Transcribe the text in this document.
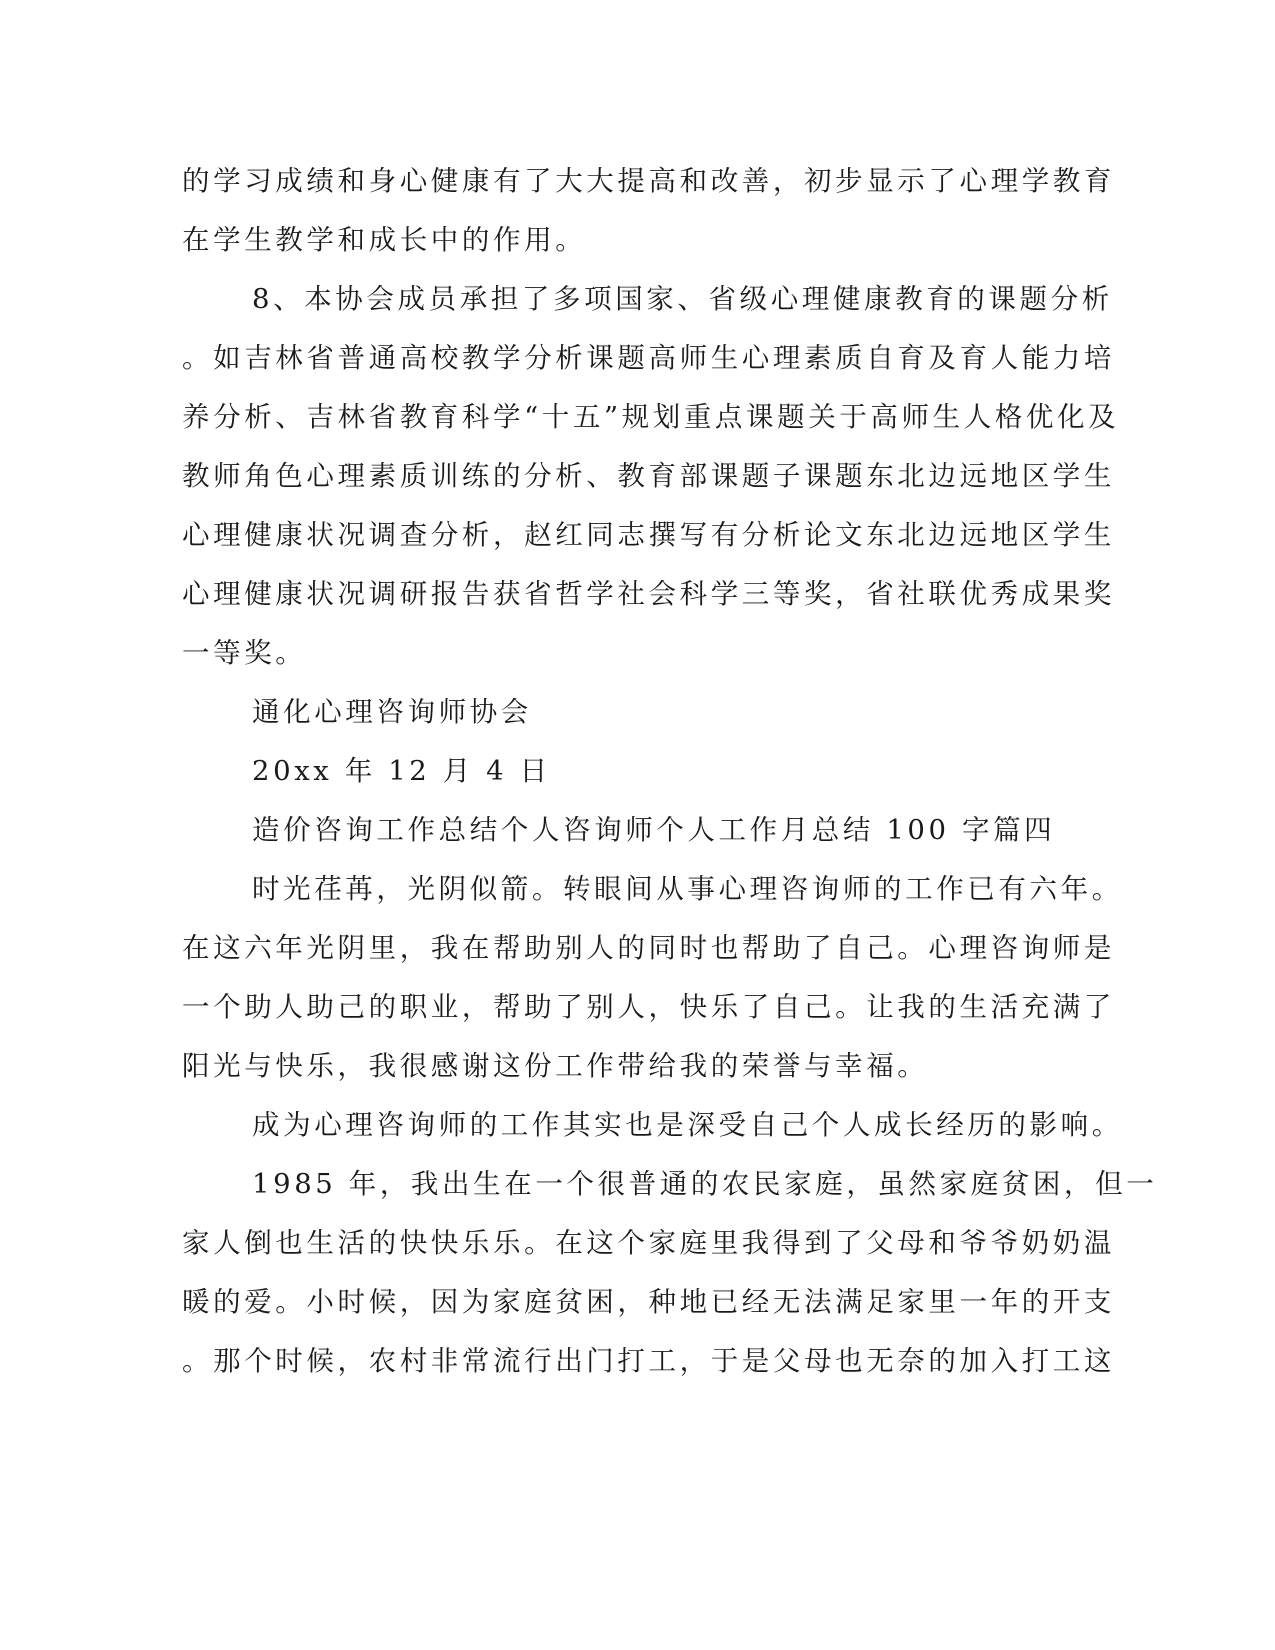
的学习成绩和身心健康有了大大提高和改善，初步显示了心理学教育
在学生教学和成长中的作用。
8、本协会成员承担了多项国家、省级心理健康教育的课题分析
。如吉林省普通高校教学分析课题高师生心理素质自育及育人能力培
养分析、吉林省教育科学“十五”规划重点课题关于高师生人格优化及
教师角色心理素质训练的分析、教育部课题子课题东北边远地区学生
心理健康状况调查分析，赵红同志撰写有分析论文东北边远地区学生
心理健康状况调研报告获省哲学社会科学三等奖，省社联优秀成果奖
一等奖。
通化心理咨询师协会
20xx 年 12 月 4 日
造价咨询工作总结个人咨询师个人工作月总结 100 字篇四
时光荏苒，光阴似箭。转眼间从事心理咨询师的工作已有六年。
在这六年光阴里，我在帮助别人的同时也帮助了自己。心理咨询师是
一个助人助己的职业，帮助了别人，快乐了自己。让我的生活充满了
阳光与快乐，我很感谢这份工作带给我的荣誉与幸福。
成为心理咨询师的工作其实也是深受自己个人成长经历的影响。
1985 年，我出生在一个很普通的农民家庭，虽然家庭贫困，但一
家人倒也生活的快快乐乐。在这个家庭里我得到了父母和爷爷奶奶温
暖的爱。小时候，因为家庭贫困，种地已经无法满足家里一年的开支
。那个时候，农村非常流行出门打工，于是父母也无奈的加入打工这
